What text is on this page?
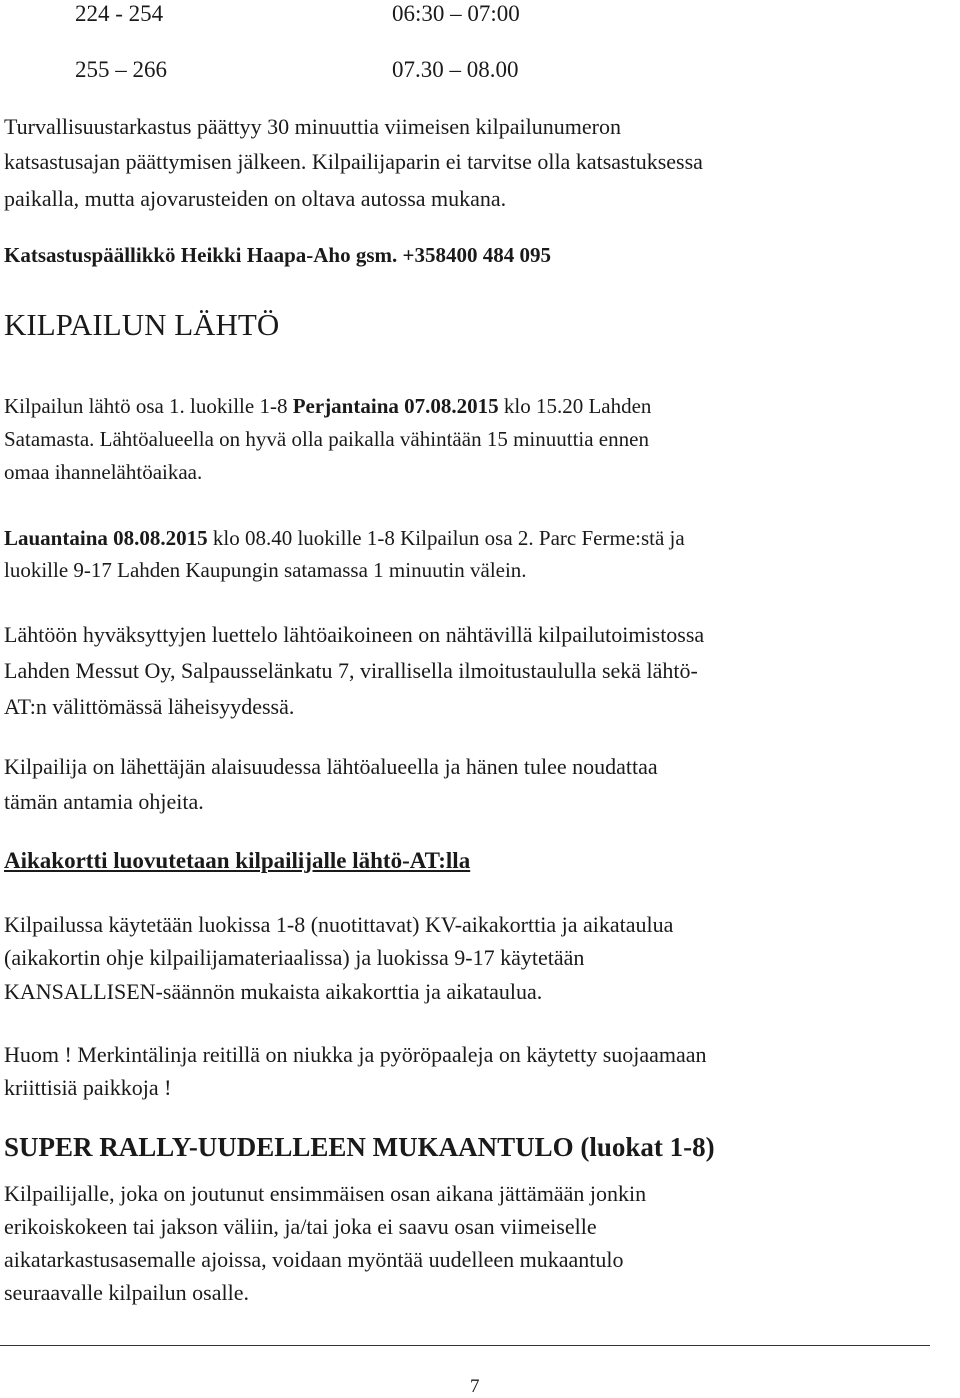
224 - 254	06:30 – 07:00
255 – 266	07.30 – 08.00
Turvallisuustarkastus päättyy 30 minuuttia viimeisen kilpailunumeron
katsastusajan päättymisen jälkeen. Kilpailijaparin ei tarvitse olla katsastuksessa
paikalla, mutta ajovarusteiden on oltava autossa mukana.
Katsastuspäällikkö Heikki Haapa-Aho gsm. +358400 484 095
KILPAILUN LÄHTÖ
Kilpailun lähtö osa 1. luokille 1-8 Perjantaina 07.08.2015 klo 15.20 Lahden
Satamasta. Lähtöalueella on hyvä olla paikalla vähintään 15 minuuttia ennen
omaa ihannelähtöaikaa.
Lauantaina 08.08.2015 klo 08.40 luokille 1-8 Kilpailun osa 2. Parc Ferme:stä ja
luokille 9-17 Lahden Kaupungin satamassa 1 minuutin välein.
Lähtöön hyväksyttyjen luettelo lähtöaikoineen on nähtävillä kilpailutoimistossa
Lahden Messut Oy, Salpausselänkatu 7, virallisella ilmoitustaululla sekä lähtö-
AT:n välittömässä läheisyydessä.
Kilpailija on lähettäjän alaisuudessa lähtöalueella ja hänen tulee noudattaa
tämän antamia ohjeita.
Aikakortti luovutetaan kilpailijalle lähtö-AT:lla
Kilpailussa käytetään luokissa 1-8 (nuotittavat) KV-aikakorttia ja aikataulua
(aikakortin ohje kilpailijamateriaalissa) ja luokissa 9-17 käytetään
KANSALLISEN-säännön mukaista aikakorttia ja aikataulua.
Huom ! Merkintälinja reitillä on niukka ja pyöröpaaleja on käytetty suojaamaan
kriittisiä paikkoja !
SUPER RALLY-UUDELLEEN MUKAANTULO (luokat 1-8)
Kilpailijalle, joka on joutunut ensimmäisen osan aikana jättämään jonkin
erikoiskokeen tai jakson väliin, ja/tai joka ei saavu osan viimeiselle
aikatarkastusasemalle ajoissa, voidaan myöntää uudelleen mukaantulo
seuraavalle kilpailun osalle.
7
